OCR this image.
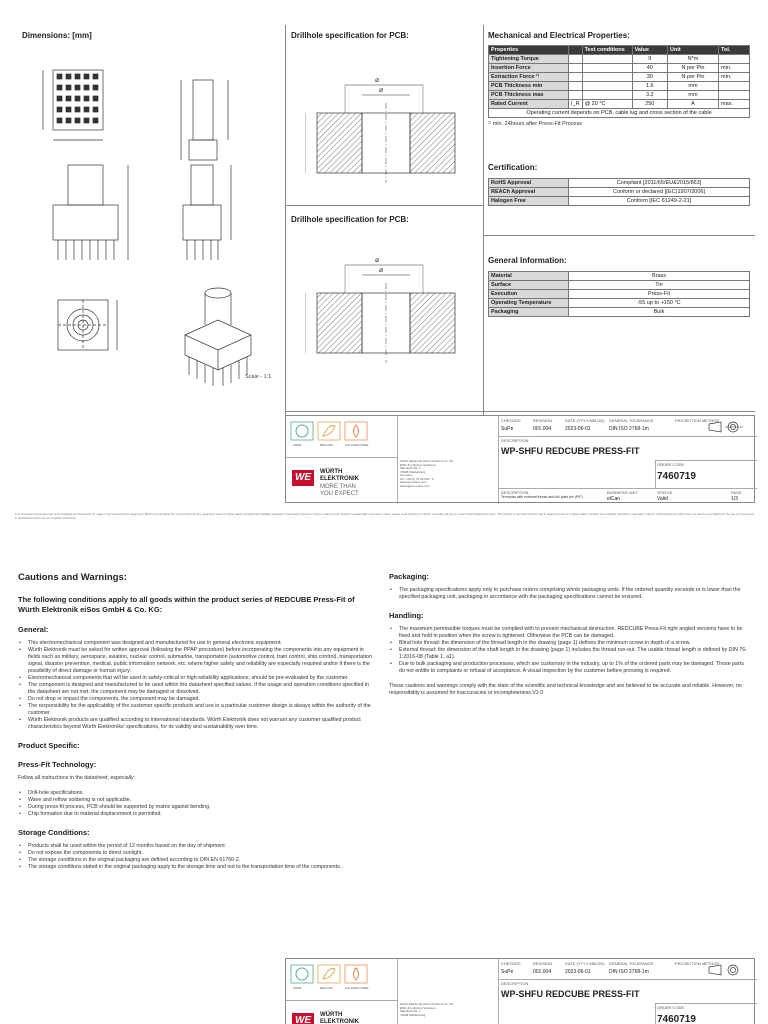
Dimensions: [mm]
Scale - 1:1
Drillhole specification for PCB:
⌀
⌀
Drillhole specification for PCB:
⌀
⌀
Mechanical and Electrical Properties:
Properties		Test conditions	Value	Unit	Tol.
Tightening Torque			9	N*m	
Insertion Force			40	N per Pin	min.
Extraction Force ¹⁾			30	N per Pin	min.
PCB Thickness min			1.6	mm	
PCB Thickness max			3.2	mm	
Rated Current	I_R	@ 20 °C	250	A	max.
Operating current depends on PCB, cable lug and cross section of the cable					
¹⁾ min. 24hours after Press-Fit Process
Certification:
RoHS Approval	Compliant [2011/65/EU&2015/863]
REACh Approval	Conform or declared [(EC)1907/2006]
Halogen Free	Conform [IEC 61249-2-21]
General Information:
Material	Brass
Surface	Tin
Execution	Press-Fit
Operating Temperature	-55 up to +150 °C
Packaging	Bulk
WAVE	REFLOW	HALOGEN FREE
WE	WÜRTH
ELEKTRONIK
MORE THAN
YOU EXPECT
Würth Elektronik eiSos GmbH & Co. KG
EMC & Inductive Solutions
Max-Eyth-Str. 1
74638 Waldenburg
Germany
Tel. +49 (0) 79 42 945 - 0
www.we-online.com
eiSos@we-online.com
CHECKED
SuPe
REVISION
001.004
DATE (YYYY-MM-DD)
2023-06-01
GENERAL TOLERANCE
DIN ISO 2768-1m
PROJECTION METHOD
DESCRIPTION
WP-SHFU REDCUBE PRESS-FIT
ORDER CODE
7460719
DESCRIPTION
Terminals with external thread and full plain pin (PIP)
BUSINESS UNIT
eiCan
STATUS
Valid
PAGE
1/3
This electronic component has been designed and developed for usage in general electronic equipment. Before incorporating the components into any equipment where a higher safety standard and reliability standard is especially required or where a failure of the product is reasonably expected to cause severe personal injury or death, we kindly ask you to contact Würth Elektronik eiSos. This product is not authorized for use in equipment where a higher safety standard and reliability standard is especially required. Würth Elektronik eiSos does not assume any liability for the use of components in applications which are not explicitly authorized.
Cautions and Warnings:
The following conditions apply to all goods within the product series of REDCUBE Press-Fit of Würth Elektronik eiSos GmbH & Co. KG:
General:
• This electromechanical component was designed and manufactured for use in general electronic equipment.
• Würth Elektronik must be asked for written approval (following the PPAP procedure) before incorporating the components into any equipment in fields such as military, aerospace, aviation, nuclear control, submarine, transportation (automotive control, train control, ship control), transportation signal, disaster prevention, medical, public information network, etc. where higher safety and reliability are especially required and/or if there is the possibility of direct damage or human injury.
• Electromechanical components that will be used in safety-critical or high-reliability applications, should be pre-evaluated by the customer.
• The component is designed and manufactured to be used within the datasheet specified values. If the usage and operation conditions specified in the datasheet are not met, the component may be damaged or dissolved.
• Do not drop or impact the components, the component may be damaged.
• The responsibility for the applicability of the customer specific products and use in a particular customer design is always within the authority of the customer.
• Würth Elektronik products are qualified according to international standards. Würth Elektronik does not warrant any customer qualified product characteristics beyond Würth Elektroniks' specifications, for its validity and sustainability over time.
Product Specific:
Press-Fit Technology:

Follow all instructions in the datasheet, especially:

• Drill-hole specifications.
• Wave and reflow soldering is not applicable.
• During press-fit process, PCB should be supported by matrix against bending.
• Chip formation due to material displacement is permitted.
Storage Conditions:
• Products shall be used within the period of 12 months based on the day of shipment.
• Do not expose the components to direct sunlight.
• The storage conditions in the original packaging are defined according to DIN EN 61760-2.
• The storage conditions stated in the original packaging apply to the storage time and not to the transportation time of the components.
Packaging:
• The packaging specifications apply only to purchase orders comprising whole packaging units. If the ordered quantity exceeds or is lower than the specified packaging unit, packaging in accordance with the packaging specifications cannot be ensured.
Handling:
• The maximum permissible torques must be complied with to prevent mechanical destruction. REDCUBE Press-Fit right angled versions have to be fixed and hold in position when the screw is tightened. Otherwise the PCB can be damaged.
• Blind hole thread: the dimension of the thread length in the drawing (page 1) defines the minimum screw-in depth of a screw.
• External thread: the dimension of the shaft length in the drawing (page 1) includes the thread run-out. The usable thread length is defined by DIN 76-1:2016-08 (Table 1, a1).
• Due to bulk packaging and production processes, which are customary in the industry, up to 1% of the ordered parts may be damaged. Those parts do not entitle to complaints or refusal of acceptance. A visual inspection by the customer before pressing is required.

These cautions and warnings comply with the state of the scientific and technical knowledge and are believed to be accurate and reliable. However, no responsibility is assumed for inaccuracies or incompleteness.V2.0

WAVE	REFLOW	HALOGEN FREE
WE	WÜRTH
ELEKTRONIK
Würth Elektronik eiSos GmbH & Co. KG
EMC & Inductive Solutions
Max-Eyth-Str. 1
74638 Waldenburg
CHECKED
SuPe
REVISION
001.004
DATE (YYYY-MM-DD)
2023-06-01
GENERAL TOLERANCE
DIN ISO 2768-1m
PROJECTION METHOD
DESCRIPTION
WP-SHFU REDCUBE PRESS-FIT
ORDER CODE
7460719
